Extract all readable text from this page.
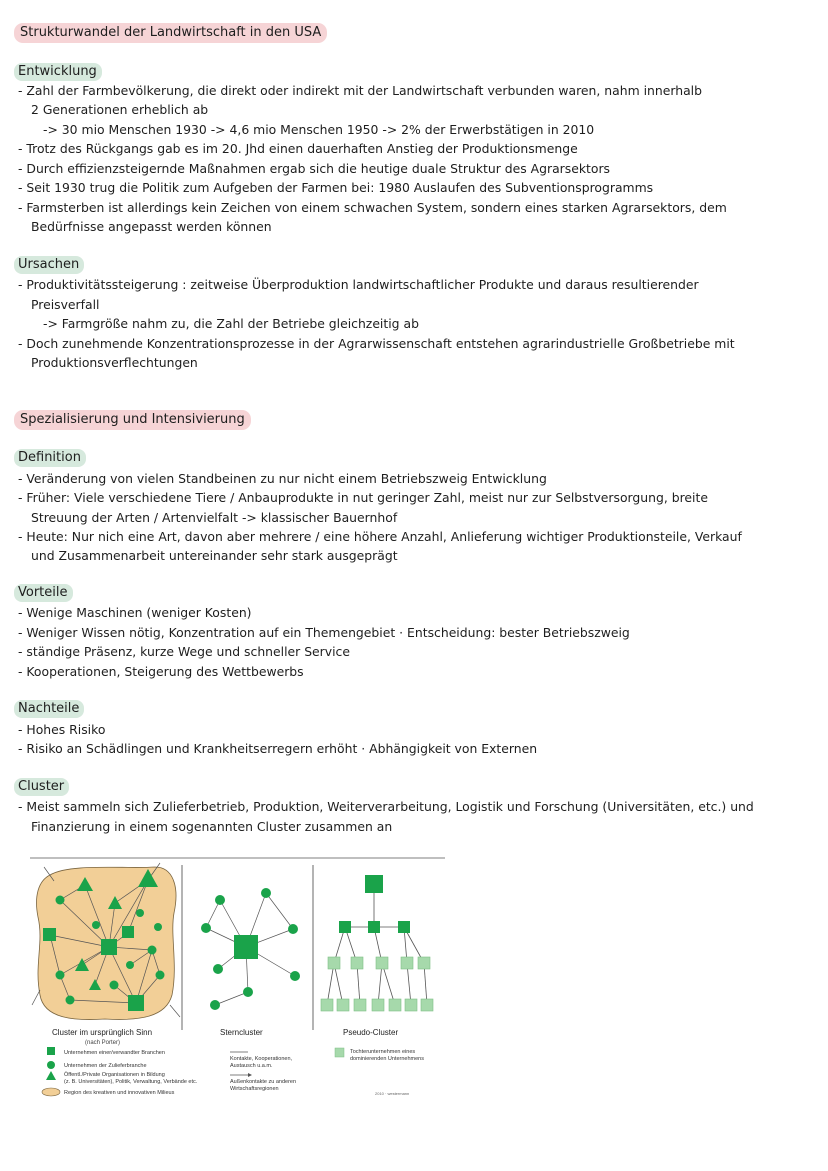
Strukturwandel der Landwirtschaft in den USA
Entwicklung
- Zahl der Farmbevölkerung, die direkt oder indirekt mit der Landwirtschaft verbunden waren, nahm innerhalb
2 Generationen erheblich ab
-> 30 mio Menschen 1930 -> 4,6 mio Menschen 1950 -> 2% der Erwerbstätigen in 2010
- Trotz des Rückgangs gab es im 20. Jhd einen dauerhaften Anstieg der Produktionsmenge
- Durch effizienzsteigernde Maßnahmen ergab sich die heutige duale Struktur des Agrarsektors
- Seit 1930 trug die Politik zum Aufgeben der Farmen bei: 1980 Auslaufen des Subventionsprogramms
- Farmsterben ist allerdings kein Zeichen von einem schwachen System, sondern eines starken Agrarsektors, dem
Bedürfnisse angepasst werden können
Ursachen
- Produktivitätssteigerung : zeitweise Überproduktion landwirtschaftlicher Produkte und daraus resultierender
Preisverfall
-> Farmgröße nahm zu, die Zahl der Betriebe gleichzeitig ab
- Doch zunehmende Konzentrationsprozesse in der Agrarwissenschaft entstehen agrarindustrielle Großbetriebe mit
Produktionsverflechtungen
Spezialisierung und Intensivierung
Definition
- Veränderung von vielen Standbeinen zu nur nicht einem Betriebszweig Entwicklung
- Früher: Viele verschiedene Tiere / Anbauprodukte in nut geringer Zahl, meist nur zur Selbstversorgung, breite
Streuung der Arten / Artenvielfalt -> klassischer Bauernhof
- Heute: Nur nich eine Art, davon aber mehrere / eine höhere Anzahl, Anlieferung wichtiger Produktionsteile, Verkauf
und Zusammenarbeit untereinander sehr stark ausgeprägt
Vorteile
- Wenige Maschinen (weniger Kosten)
- Weniger Wissen nötig, Konzentration auf ein Themengebiet · Entscheidung: bester Betriebszweig
- ständige Präsenz, kurze Wege und schneller Service
- Kooperationen, Steigerung des Wettbewerbs
Nachteile
- Hohes Risiko
- Risiko an Schädlingen und Krankheitserregern erhöht · Abhängigkeit von Externen
Cluster
- Meist sammeln sich Zulieferbetrieb, Produktion, Weiterverarbeitung, Logistik und Forschung (Universitäten, etc.) und
Finanzierung in einem sogenannten Cluster zusammen an
Cluster im ursprünglich Sinn
(nach Porter)
Sterncluster	Pseudo-Cluster
Unternehmen einer/verwandter Branchen
Unternehmen der Zulieferbranche
Öffentl./Private Organisationen in Bildung
(z. B. Universitäten), Politik, Verwaltung, Verbände etc.
Region des kreativen und innovativen Milieus
Kontakte, Kooperationen,
Austausch u.a.m.
Außenkontakte zu anderen
Wirtschaftsregionen
Tochterunternehmen eines
dominierenden Unternehmens
2010 · westermann
